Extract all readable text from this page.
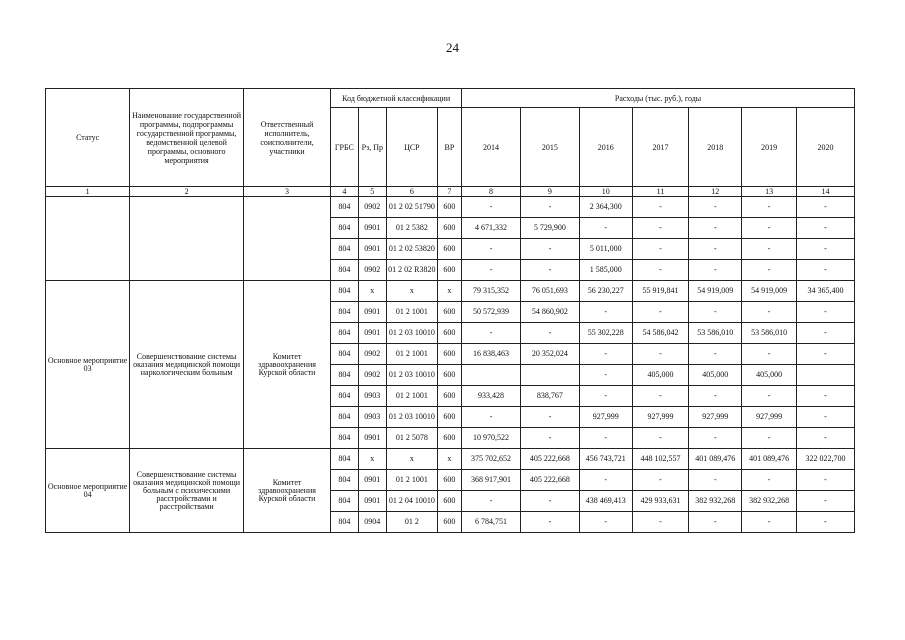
24
Статус	Наименование государственной программы, подпрограммы государственной программы, ведомственной целевой программы, основного мероприятия	Ответственный исполнитель, соисполнители, участники	Код бюджетной классификации				Расходы (тыс. руб.), годы						
			ГРБС	Рз, Пр	ЦСР	ВР	2014	2015	2016	2017	2018	2019	2020
1	2	3	4	5	6	7	8	9	10	11	12	13	14
			804	0902	01 2 02 51790	600	-	-	2 364,300	-	-	-	-
			804	0901	01 2 5382	600	4 671,332	5 729,900	-	-	-	-	-
			804	0901	01 2 02 53820	600	-	-	5 011,000	-	-	-	-
			804	0902	01 2 02 R3820	600	-	-	1 585,000	-	-	-	-
Основное мероприятие 03	Совершенствование системы оказания медицинской помощи наркологическим больным	Комитет здравоохранения Курской области	804	х	х	х	79 315,352	76 051,693	56 230,227	55 919,841	54 919,009	54 919,009	34 365,400
			804	0901	01 2 1001	600	50 572,939	54 860,902	-	-	-	-	-
			804	0901	01 2 03 10010	600	-	-	55 302,228	54 586,042	53 586,010	53 586,010	-
			804	0902	01 2 1001	600	16 838,463	20 352,024	-	-	-	-	-
			804	0902	01 2 03 10010	600			-	405,000	405,000	405,000	
			804	0903	01 2 1001	600	933,428	838,767	-	-	-	-	-
			804	0903	01 2 03 10010	600	-	-	927,999	927,999	927,999	927,999	-
			804	0901	01 2 5078	600	10 970,522	-	-	-	-	-	-
Основное мероприятие 04	Совершенствование системы оказания медицинской помощи больным с психическими расстройствами и расстройствами	Комитет здравоохранения Курской области	804	х	х	х	375 702,652	405 222,668	456 743,721	448 102,557	401 089,476	401 089,476	322 022,700
			804	0901	01 2 1001	600	368 917,901	405 222,668	-	-	-	-	-
			804	0901	01 2 04 10010	600	-	-	438 469,413	429 933,631	382 932,268	382 932,268	-
			804	0904	01 2	600	6 784,751	-	-	-	-	-	-
